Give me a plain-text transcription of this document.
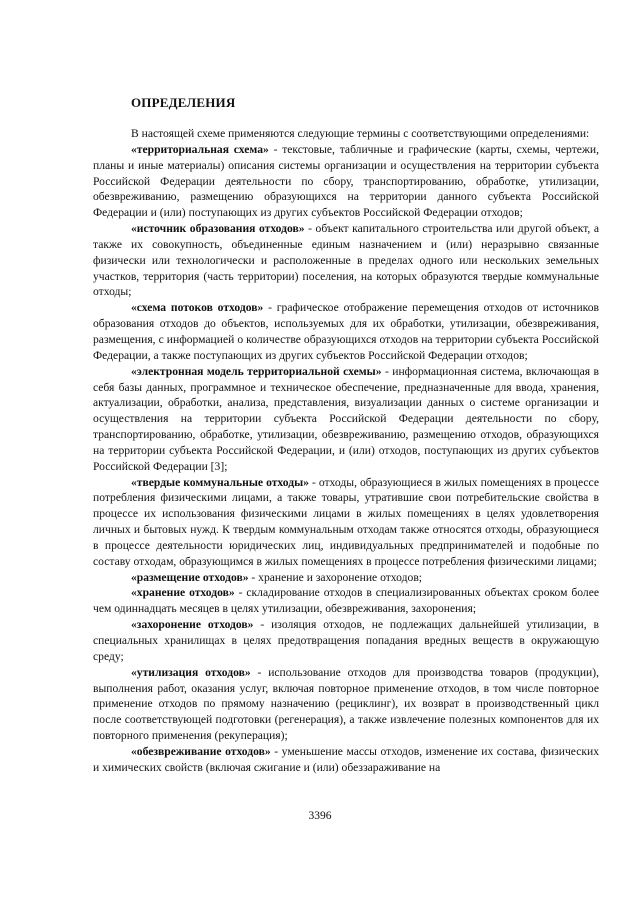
ОПРЕДЕЛЕНИЯ

В настоящей схеме применяются следующие термины с соответствующими определениями:

«территориальная схема» - текстовые, табличные и графические (карты, схемы, чертежи, планы и иные материалы) описания системы организации и осуществления на территории субъекта Российской Федерации деятельности по сбору, транспортированию, обработке, утилизации, обезвреживанию, размещению образующихся на территории данного субъекта Российской Федерации и (или) поступающих из других субъектов Российской Федерации отходов;

«источник образования отходов» - объект капитального строительства или другой объект, а также их совокупность, объединенные единым назначением и (или) неразрывно связанные физически или технологически и расположенные в пределах одного или нескольких земельных участков, территория (часть территории) поселения, на которых образуются твердые коммунальные отходы;

«схема потоков отходов» - графическое отображение перемещения отходов от источников образования отходов до объектов, используемых для их обработки, утилизации, обезвреживания, размещения, с информацией о количестве образующихся отходов на территории субъекта Российской Федерации, а также поступающих из других субъектов Российской Федерации отходов;

«электронная модель территориальной схемы» - информационная система, включающая в себя базы данных, программное и техническое обеспечение, предназначенные для ввода, хранения, актуализации, обработки, анализа, представления, визуализации данных о системе организации и осуществления на территории субъекта Российской Федерации деятельности по сбору, транспортированию, обработке, утилизации, обезвреживанию, размещению отходов, образующихся на территории субъекта Российской Федерации, и (или) отходов, поступающих из других субъектов Российской Федерации [3];

«твердые коммунальные отходы» - отходы, образующиеся в жилых помещениях в процессе потребления физическими лицами, а также товары, утратившие свои потребительские свойства в процессе их использования физическими лицами в жилых помещениях в целях удовлетворения личных и бытовых нужд. К твердым коммунальным отходам также относятся отходы, образующиеся в процессе деятельности юридических лиц, индивидуальных предпринимателей и подобные по составу отходам, образующимся в жилых помещениях в процессе потребления физическими лицами;

«размещение отходов» - хранение и захоронение отходов;

«хранение отходов» - складирование отходов в специализированных объектах сроком более чем одиннадцать месяцев в целях утилизации, обезвреживания, захоронения;

«захоронение отходов» - изоляция отходов, не подлежащих дальнейшей утилизации, в специальных хранилищах в целях предотвращения попадания вредных веществ в окружающую среду;

«утилизация отходов» - использование отходов для производства товаров (продукции), выполнения работ, оказания услуг, включая повторное применение отходов, в том числе повторное применение отходов по прямому назначению (рециклинг), их возврат в производственный цикл после соответствующей подготовки (регенерация), а также извлечение полезных компонентов для их повторного применения (рекуперация);

«обезвреживание отходов» - уменьшение массы отходов, изменение их состава, физических и химических свойств (включая сжигание и (или) обеззараживание на

3396
